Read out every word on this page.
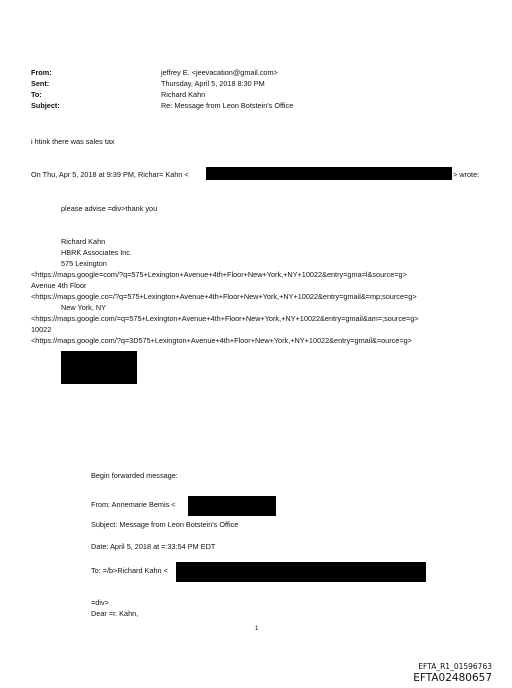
From:
Sent:
To:
Subject:
jeffrey E. <jeevacation@gmail.com>
Thursday, April 5, 2018 8:30 PM
Richard Kahn
Re: Message from Leon Botstein's Office
i htink there was sales tax
On Thu, Apr 5, 2018 at 9:39 PM, Richar= Kahn <	> wrote:
please advise =div>thank you
Richard Kahn
HBRK Associates Inc.
575 Lexington
<https://maps.google=com/?q=575+Lexington+Avenue+4th+Floor+New+York,+NY+10022&entry=gma=l&source=g>
Avenue 4th Floor
<https://maps.google.co=/?q=575+Lexington+Avenue+4th+Floor+New+York,+NY+10022&entry=gmail&=mp;source=g>
New York, NY
<https://maps.google.com/=q=575+Lexington+Avenue+4th+Floor+New+York,+NY+10022&entry=gmail&am=;source=g>
10022
<https://maps.google.com/?q=3D575+Lexington+Avenue+4th+Floor+New+York,+NY+10022&entry=gmail&=ource=g>
Begin forwarded message:
From: Annemarie Bemis <
Subject: Message from Leon Botstein's Office
Date: April 5, 2018 at =:33:54 PM EDT
To: =/b>Richard Kahn <
=div>
Dear =r. Kahn,
1
EFTA_R1_01596763
EFTA02480657
